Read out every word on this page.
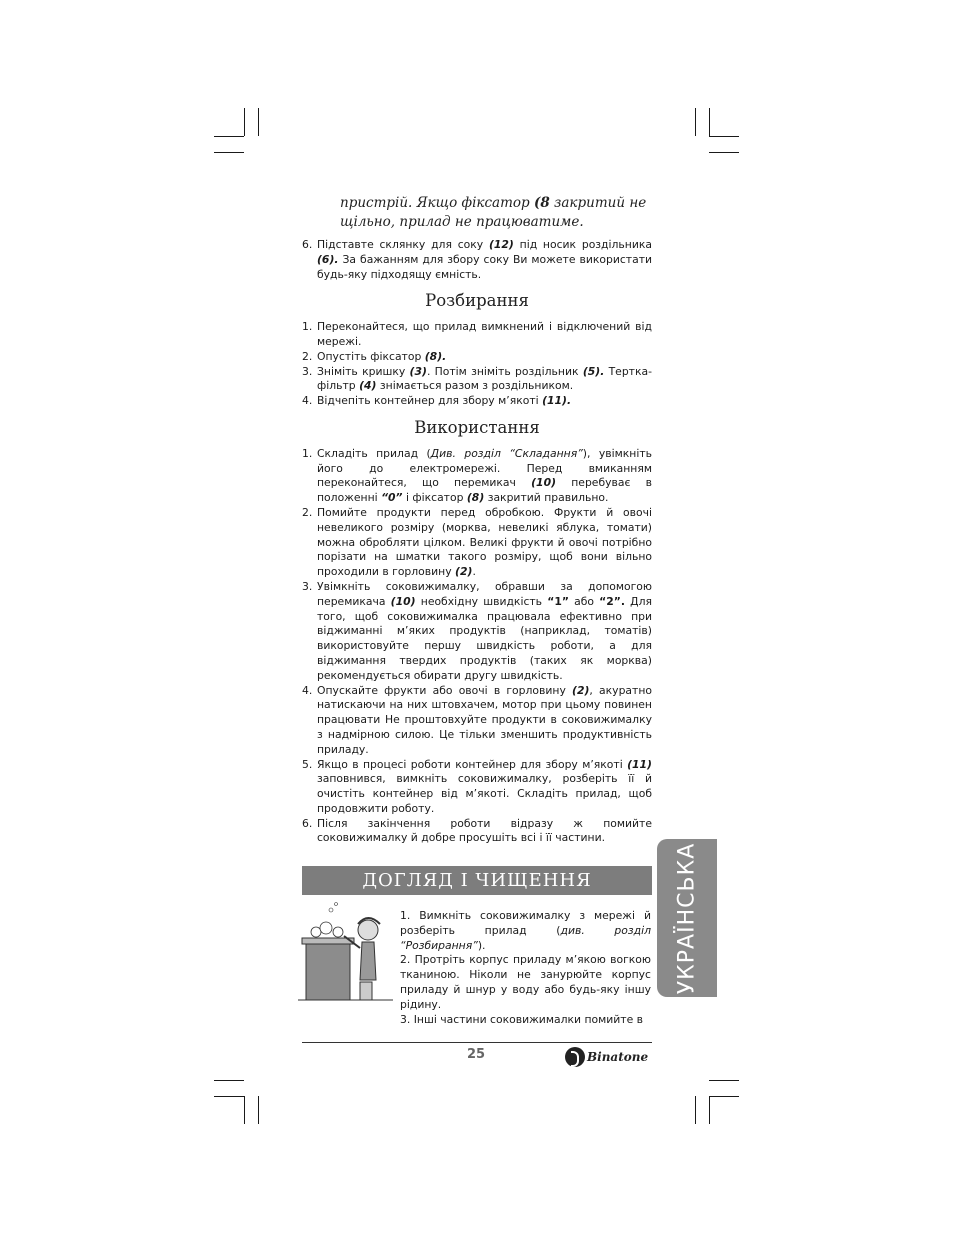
пристрій. Якщо фіксатор (8 закритий не
щільно, прилад не працюватиме.
6. Підставте склянку для соку (12) під носик роздільника (6). За бажанням для збору соку Ви можете використати будь-яку підходящу ємність.
Розбирання
1. Переконайтеся, що прилад вимкнений і відключений від мережі.
2. Опустіть фіксатор (8).
3. Зніміть кришку (3). Потім зніміть роздільник (5). Тертка-фільтр (4) знімається разом з роздільником.
4. Відчепіть контейнер для збору м’якоті (11).
Використання
1. Складіть прилад (Див. розділ “Складання”), увімкніть його до електромережі. Перед вмиканням переконайтеся, що перемикач (10) перебуває в положенні “0” і фіксатор (8) закритий правильно.
2. Помийте продукти перед обробкою. Фрукти й овочі невеликого розміру (морква, невеликі яблука, томати) можна обробляти цілком. Великі фрукти й овочі потрібно порізати на шматки такого розміру, щоб вони вільно проходили в горловину (2).
3. Увімкніть соковижималку, обравши за допомогою перемикача (10) необхідну швидкість “1” або “2”. Для того, щоб соковижималка працювала ефективно при віджиманні м’яких продуктів (наприклад, томатів) використовуйте першу швидкість роботи, а для віджимання твердих продуктів (таких як морква) рекомендується обирати другу швидкість.
4. Опускайте фрукти або овочі в горловину (2), акуратно натискаючи на них штовхачем, мотор при цьому повинен працювати Не проштовхуйте продукти в соковижималку з надмірною силою. Це тільки зменшить продуктивність приладу.
5. Якщо в процесі роботи контейнер для збору м’якоті (11) заповнився, вимкніть соковижималку, розберіть її й очистіть контейнер від м’якоті. Складіть прилад, щоб продовжити роботу.
6. Після закінчення роботи відразу ж помийте соковижималку й добре просушіть всі і її частини.
ДОГЛЯД І ЧИЩЕННЯ	УКРАЇНСЬКА

1. Вимкніть соковижималку з мережі й розберіть прилад (див. розділ “Розбирання”).

2. Протріть корпус приладу м’якою вогкою тканиною. Ніколи не занурюйте корпус приладу й шнур у воду або будь-яку іншу рідину.

3. Інші частини соковижималки помийте в

25	Binatone
